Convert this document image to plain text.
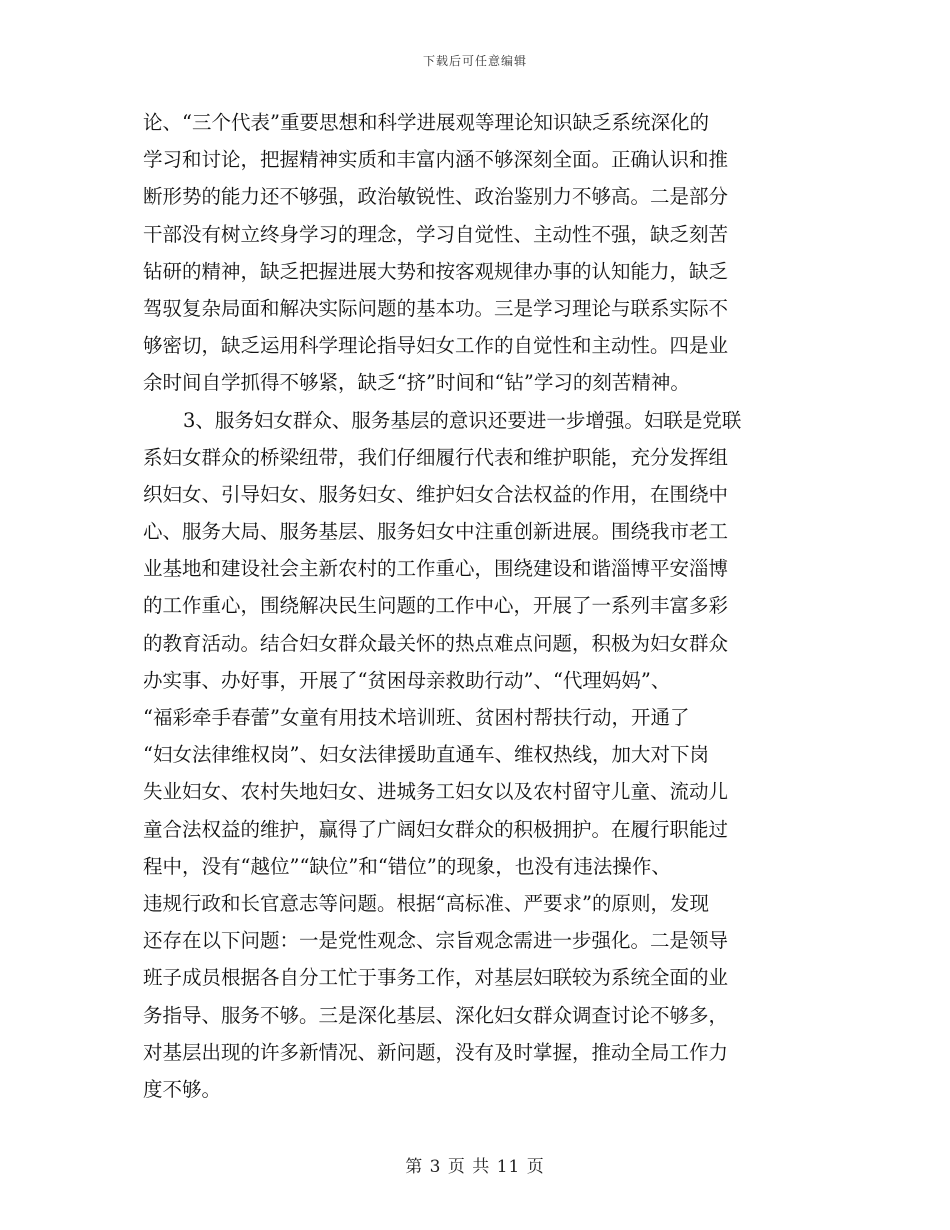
下载后可任意编辑
论、“三个代表”重要思想和科学进展观等理论知识缺乏系统深化的
学习和讨论，把握精神实质和丰富内涵不够深刻全面。正确认识和推
断形势的能力还不够强，政治敏锐性、政治鉴别力不够高。二是部分
干部没有树立终身学习的理念，学习自觉性、主动性不强，缺乏刻苦
钻研的精神，缺乏把握进展大势和按客观规律办事的认知能力，缺乏
驾驭复杂局面和解决实际问题的基本功。三是学习理论与联系实际不
够密切，缺乏运用科学理论指导妇女工作的自觉性和主动性。四是业
余时间自学抓得不够紧，缺乏“挤”时间和“钻”学习的刻苦精神。
3、服务妇女群众、服务基层的意识还要进一步增强。妇联是党联
系妇女群众的桥梁纽带，我们仔细履行代表和维护职能，充分发挥组
织妇女、引导妇女、服务妇女、维护妇女合法权益的作用，在围绕中
心、服务大局、服务基层、服务妇女中注重创新进展。围绕我市老工
业基地和建设社会主新农村的工作重心，围绕建设和谐淄博平安淄博
的工作重心，围绕解决民生问题的工作中心，开展了一系列丰富多彩
的教育活动。结合妇女群众最关怀的热点难点问题，积极为妇女群众
办实事、办好事，开展了“贫困母亲救助行动”、“代理妈妈”、
“福彩牵手春蕾”女童有用技术培训班、贫困村帮扶行动，开通了
“妇女法律维权岗”、妇女法律援助直通车、维权热线，加大对下岗
失业妇女、农村失地妇女、进城务工妇女以及农村留守儿童、流动儿
童合法权益的维护，赢得了广阔妇女群众的积极拥护。在履行职能过
程中，没有“越位”“缺位”和“错位”的现象，也没有违法操作、
违规行政和长官意志等问题。根据“高标准、严要求”的原则，发现
还存在以下问题：一是党性观念、宗旨观念需进一步强化。二是领导
班子成员根据各自分工忙于事务工作，对基层妇联较为系统全面的业
务指导、服务不够。三是深化基层、深化妇女群众调查讨论不够多，
对基层出现的许多新情况、新问题，没有及时掌握，推动全局工作力
度不够。
第 3 页 共 11 页
